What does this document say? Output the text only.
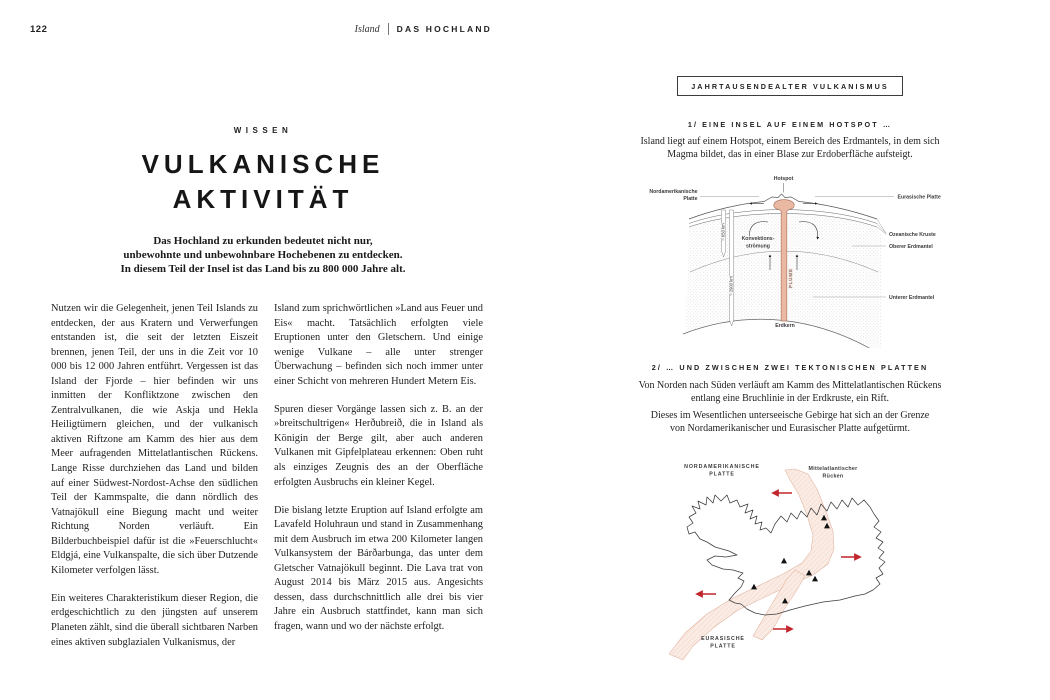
122	Island DAS HOCHLAND
WISSEN
VULKANISCHE
AKTIVITÄT
Das Hochland zu erkunden bedeutet nicht nur,
unbewohnte und unbewohnbare Hochebenen zu entdecken.
In diesem Teil der Insel ist das Land bis zu 800 000 Jahre alt.

Nutzen wir die Gelegenheit, jenen Teil Islands zu entdecken, der aus Kratern und Verwerfungen entstanden ist, die seit der letzten Eiszeit brennen, jenen Teil, der uns in die Zeit vor 10 000 bis 12 000 Jahren entführt. Vergessen ist das Island der Fjorde – hier befinden wir uns inmitten der Konfliktzone zwischen den Zentralvulkanen, die wie Askja und Hekla Heiligtümern gleichen, und der vulkanisch aktiven Riftzone am Kamm des hier aus dem Meer aufragenden Mittelatlantischen Rückens. Lange Risse durchziehen das Land und bilden auf einer Südwest-Nordost-Achse den südlichen Teil der Kammspalte, die dann nördlich des Vatnajökull eine Biegung macht und weiter Richtung Norden verläuft. Ein Bilderbuchbeispiel dafür ist die »Feuerschlucht« Eldgjá, eine Vulkanspalte, die sich über Dutzende Kilometer verfolgen lässt.

Ein weiteres Charakteristikum dieser Region, die erdgeschichtlich zu den jüngsten auf unserem Planeten zählt, sind die überall sichtbaren Narben eines aktiven subglazialen Vulkanismus, der

Island zum sprichwörtlichen »Land aus Feuer und Eis« macht. Tatsächlich erfolgten viele Eruptionen unter den Gletschern. Und einige wenige Vulkane – alle unter strenger Überwachung – befinden sich noch immer unter einer Schicht von mehreren Hundert Metern Eis.

Spuren dieser Vorgänge lassen sich z. B. an der »breitschultrigen« Herðubreið, die in Island als Königin der Berge gilt, aber auch anderen Vulkanen mit Gipfelplateau erkennen: Oben ruht als einziges Zeugnis des an der Oberfläche erfolgten Ausbruchs ein kleiner Kegel.

Die bislang letzte Eruption auf Island erfolgte am Lavafeld Holuhraun und stand in Zusammenhang mit dem Ausbruch im etwa 200 Kilometer langen Vulkansystem der Bárðarbunga, das unter dem Gletscher Vatnajökull beginnt. Die Lava trat von August 2014 bis März 2015 aus. Angesichts dessen, dass durchschnittlich alle drei bis vier Jahre ein Ausbruch stattfindet, kann man sich fragen, wann und wo der nächste erfolgt.

JAHRTAUSENDEALTER VULKANISMUS
1/ EINE INSEL AUF EINEM HOTSPOT …
Island liegt auf einem Hotspot, einem Bereich des Erdmantels, in dem sich
Magma bildet, das in einer Blase zur Erdoberfläche aufsteigt.
~ 650 km
~ 2900 km
Hotspot
Nordamerikanische
Platte	Eurasische Platte
Ozeanische Kruste
Oberer Erdmantel
Unterer Erdmantel
Erdkern
Konvektions-
strömung
PLUME
2/ … UND ZWISCHEN ZWEI TEKTONISCHEN PLATTEN
Von Norden nach Süden verläuft am Kamm des Mittelatlantischen Rückens
entlang eine Bruchlinie in der Erdkruste, ein Rift.
Dieses im Wesentlichen unterseeische Gebirge hat sich an der Grenze
von Nordamerikanischer und Eurasischer Platte aufgetürmt.
NORDAMERIKANISCHE
PLATTE
Mittelatlantischer
Rücken
EURASISCHE
PLATTE
